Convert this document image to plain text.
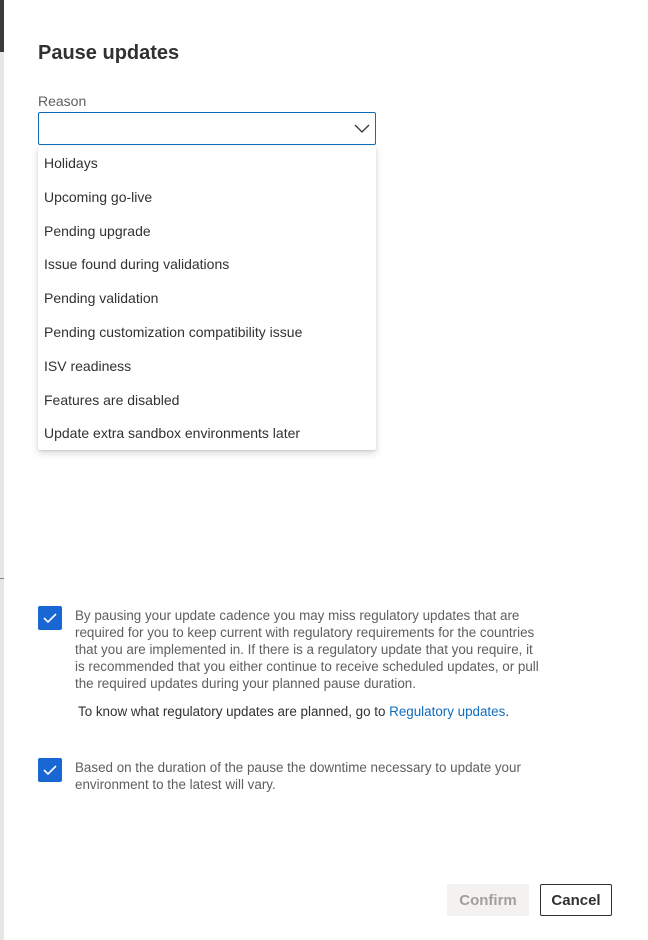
Pause updates
Reason
Holidays
Upcoming go-live
Pending upgrade
Issue found during validations
Pending validation
Pending customization compatibility issue
ISV readiness
Features are disabled
Update extra sandbox environments later
By pausing your update cadence you may miss regulatory updates that are required for you to keep current with regulatory requirements for the countries that you are implemented in. If there is a regulatory update that you require, it is recommended that you either continue to receive scheduled updates, or pull the required updates during your planned pause duration.
To know what regulatory updates are planned, go to Regulatory updates.
Based on the duration of the pause the downtime necessary to update your environment to the latest will vary.
Confirm	Cancel
